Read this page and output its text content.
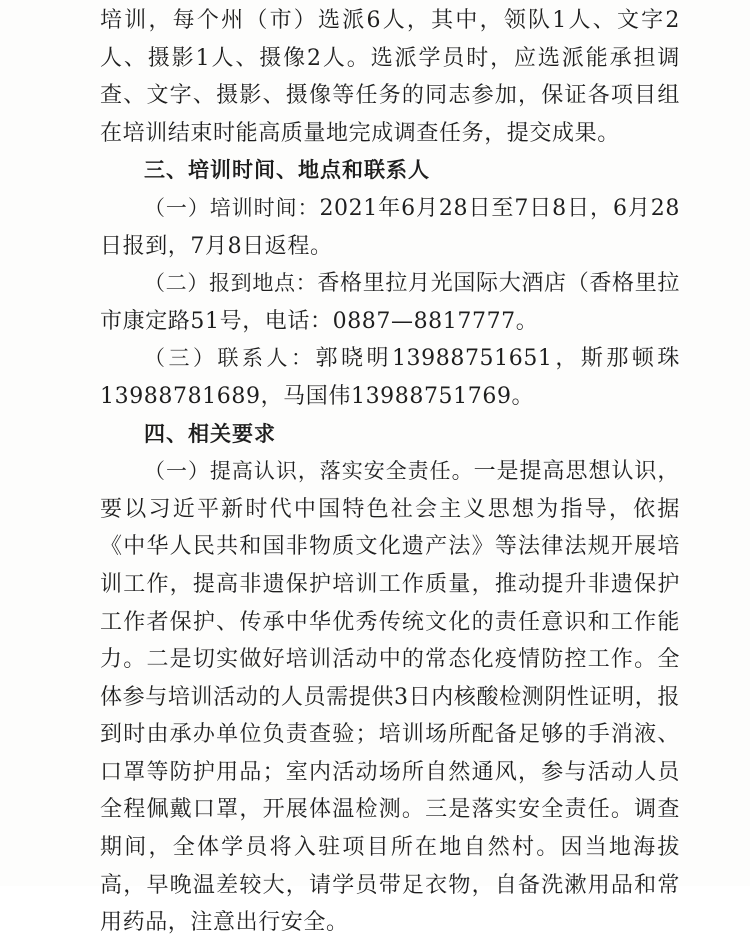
培训，每个州（市）选派6人，其中，领队1人、文字2人、摄影1人、摄像2人。选派学员时，应选派能承担调查、文字、摄影、摄像等任务的同志参加，保证各项目组在培训结束时能高质量地完成调查任务，提交成果。

三、培训时间、地点和联系人

（一）培训时间：2021年6月28日至7日8日，6月28日报到，7月8日返程。

（二）报到地点：香格里拉月光国际大酒店（香格里拉市康定路51号，电话：0887—8817777。

（三）联系人：郭晓明13988751651，斯那顿珠 13988781689，马国伟13988751769。

四、相关要求

（一）提高认识，落实安全责任。一是提高思想认识，要以习近平新时代中国特色社会主义思想为指导，依据《中华人民共和国非物质文化遗产法》等法律法规开展培训工作，提高非遗保护培训工作质量，推动提升非遗保护工作者保护、传承中华优秀传统文化的责任意识和工作能力。二是切实做好培训活动中的常态化疫情防控工作。全体参与培训活动的人员需提供3日内核酸检测阴性证明，报到时由承办单位负责查验；培训场所配备足够的手消液、口罩等防护用品；室内活动场所自然通风，参与活动人员全程佩戴口罩，开展体温检测。三是落实安全责任。调查期间，全体学员将入驻项目所在地自然村。因当地海拔高，早晚温差较大，请学员带足衣物，自备洗漱用品和常用药品，注意出行安全。
